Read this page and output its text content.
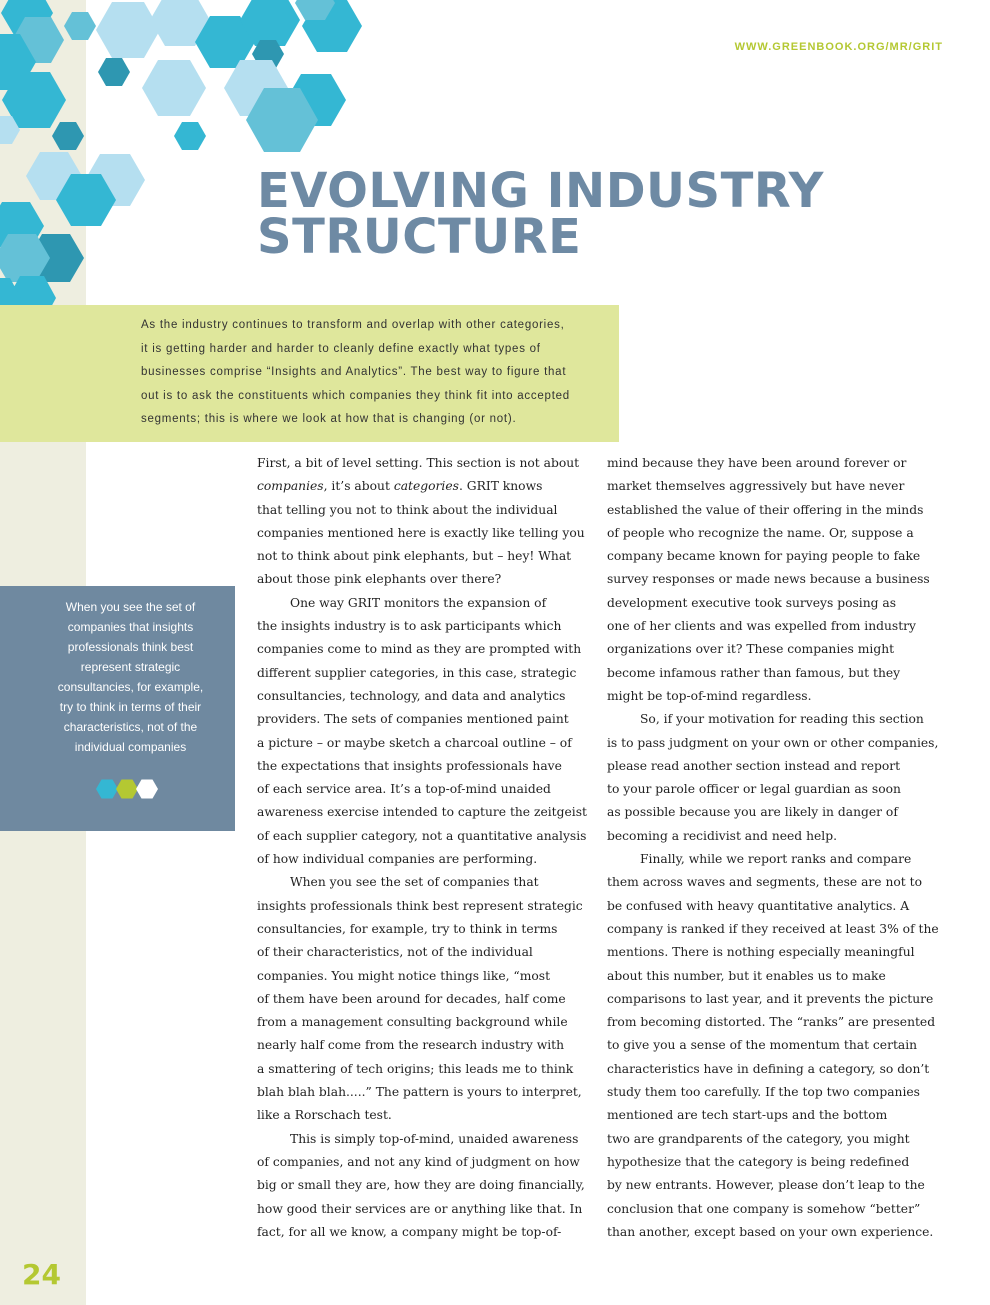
WWW.GREENBOOK.ORG/MR/GRIT
EVOLVING INDUSTRY
STRUCTURE

As the industry continues to transform and overlap with other categories,
it is getting harder and harder to cleanly define exactly what types of
businesses comprise “Insights and Analytics”. The best way to figure that
out is to ask the constituents which companies they think fit into accepted
segments; this is where we look at how that is changing (or not).

When you see the set of
companies that insights
professionals think best
represent strategic
consultancies, for example,
try to think in terms of their
characteristics, not of the
individual companies

First, a bit of level setting. This section is not about

companies, it’s about categories. GRIT knows

that telling you not to think about the individual

companies mentioned here is exactly like telling you

not to think about pink elephants, but – hey! What

about those pink elephants over there?

One way GRIT monitors the expansion of

the insights industry is to ask participants which

companies come to mind as they are prompted with

different supplier categories, in this case, strategic

consultancies, technology, and data and analytics

providers. The sets of companies mentioned paint

a picture – or maybe sketch a charcoal outline – of

the expectations that insights professionals have

of each service area. It’s a top-of-mind unaided

awareness exercise intended to capture the zeitgeist

of each supplier category, not a quantitative analysis

of how individual companies are performing.

When you see the set of companies that

insights professionals think best represent strategic

consultancies, for example, try to think in terms

of their characteristics, not of the individual

companies. You might notice things like, “most

of them have been around for decades, half come

from a management consulting background while

nearly half come from the research industry with

a smattering of tech origins; this leads me to think

blah blah blah.....” The pattern is yours to interpret,

like a Rorschach test.

This is simply top-of-mind, unaided awareness

of companies, and not any kind of judgment on how

big or small they are, how they are doing financially,

how good their services are or anything like that. In

fact, for all we know, a company might be top-of-

mind because they have been around forever or

market themselves aggressively but have never

established the value of their offering in the minds

of people who recognize the name. Or, suppose a

company became known for paying people to fake

survey responses or made news because a business

development executive took surveys posing as

one of her clients and was expelled from industry

organizations over it? These companies might

become infamous rather than famous, but they

might be top-of-mind regardless.

So, if your motivation for reading this section

is to pass judgment on your own or other companies,

please read another section instead and report

to your parole officer or legal guardian as soon

as possible because you are likely in danger of

becoming a recidivist and need help.

Finally, while we report ranks and compare

them across waves and segments, these are not to

be confused with heavy quantitative analytics. A

company is ranked if they received at least 3% of the

mentions. There is nothing especially meaningful

about this number, but it enables us to make

comparisons to last year, and it prevents the picture

from becoming distorted. The “ranks” are presented

to give you a sense of the momentum that certain

characteristics have in defining a category, so don’t

study them too carefully. If the top two companies

mentioned are tech start-ups and the bottom

two are grandparents of the category, you might

hypothesize that the category is being redefined

by new entrants. However, please don’t leap to the

conclusion that one company is somehow “better”

than another, except based on your own experience.

24
